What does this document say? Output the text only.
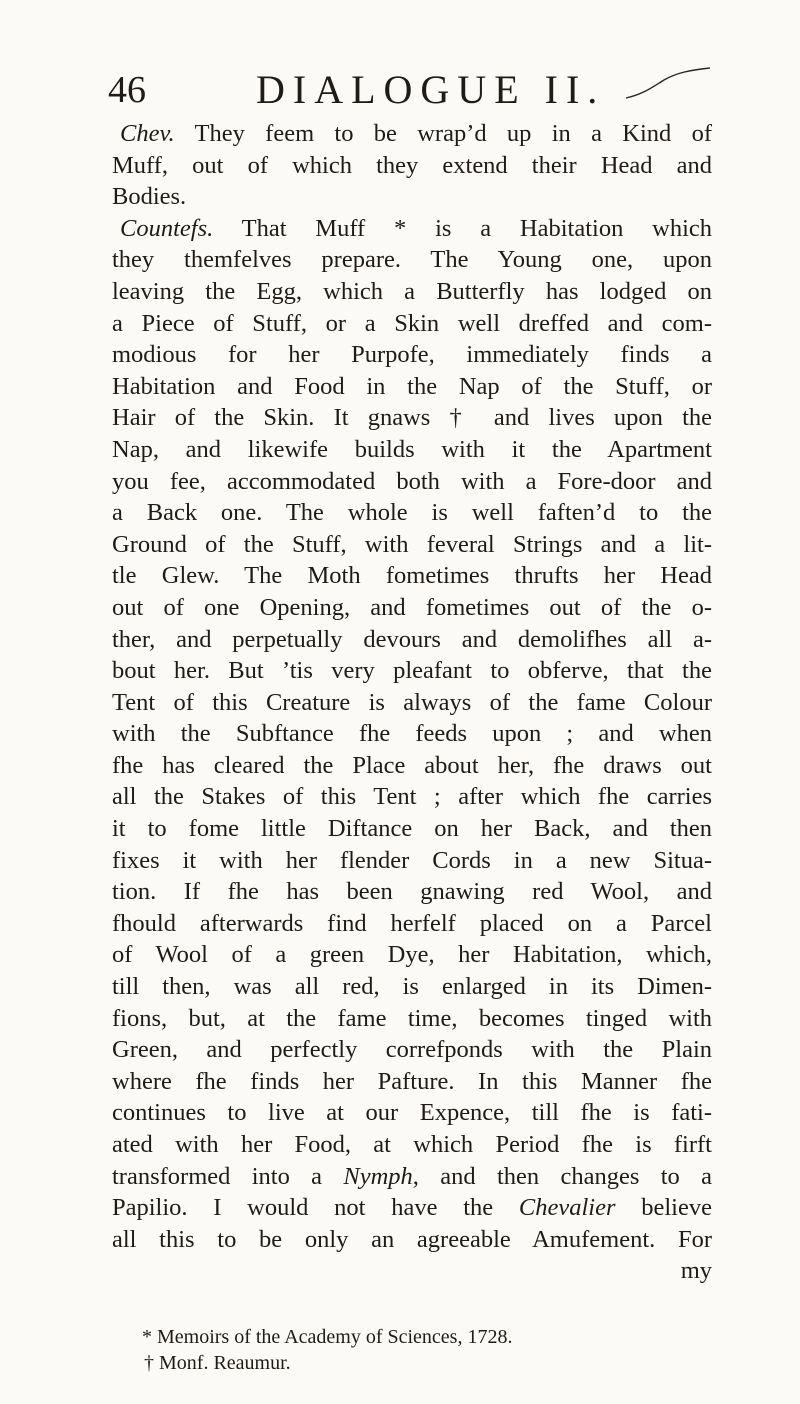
46	DIALOGUE II.
Chev. They feem to be wrap’d up in a Kind of
Muff, out of which they extend their Head and
Bodies.
Countefs. That Muff * is a Habitation which
they themfelves prepare. The Young one, upon
leaving the Egg, which a Butterfly has lodged on
a Piece of Stuff, or a Skin well dreffed and com-
modious for her Purpofe, immediately finds a
Habitation and Food in the Nap of the Stuff, or
Hair of the Skin. It gnaws † and lives upon the
Nap, and likewife builds with it the Apartment
you fee, accommodated both with a Fore-door and
a Back one. The whole is well faften’d to the
Ground of the Stuff, with feveral Strings and a lit-
tle Glew. The Moth fometimes thrufts her Head
out of one Opening, and fometimes out of the o-
ther, and perpetually devours and demolifhes all a-
bout her. But ’tis very pleafant to obferve, that the
Tent of this Creature is always of the fame Colour
with the Subftance fhe feeds upon ; and when
fhe has cleared the Place about her, fhe draws out
all the Stakes of this Tent ; after which fhe carries
it to fome little Diftance on her Back, and then
fixes it with her flender Cords in a new Situa-
tion. If fhe has been gnawing red Wool, and
fhould afterwards find herfelf placed on a Parcel
of Wool of a green Dye, her Habitation, which,
till then, was all red, is enlarged in its Dimen-
fions, but, at the fame time, becomes tinged with
Green, and perfectly correfponds with the Plain
where fhe finds her Pafture. In this Manner fhe
continues to live at our Expence, till fhe is fati-
ated with her Food, at which Period fhe is firft
transformed into a Nymph, and then changes to a
Papilio. I would not have the Chevalier believe
all this to be only an agreeable Amufement. For
my
* Memoirs of the Academy of Sciences, 1728.
† Monf. Reaumur.
